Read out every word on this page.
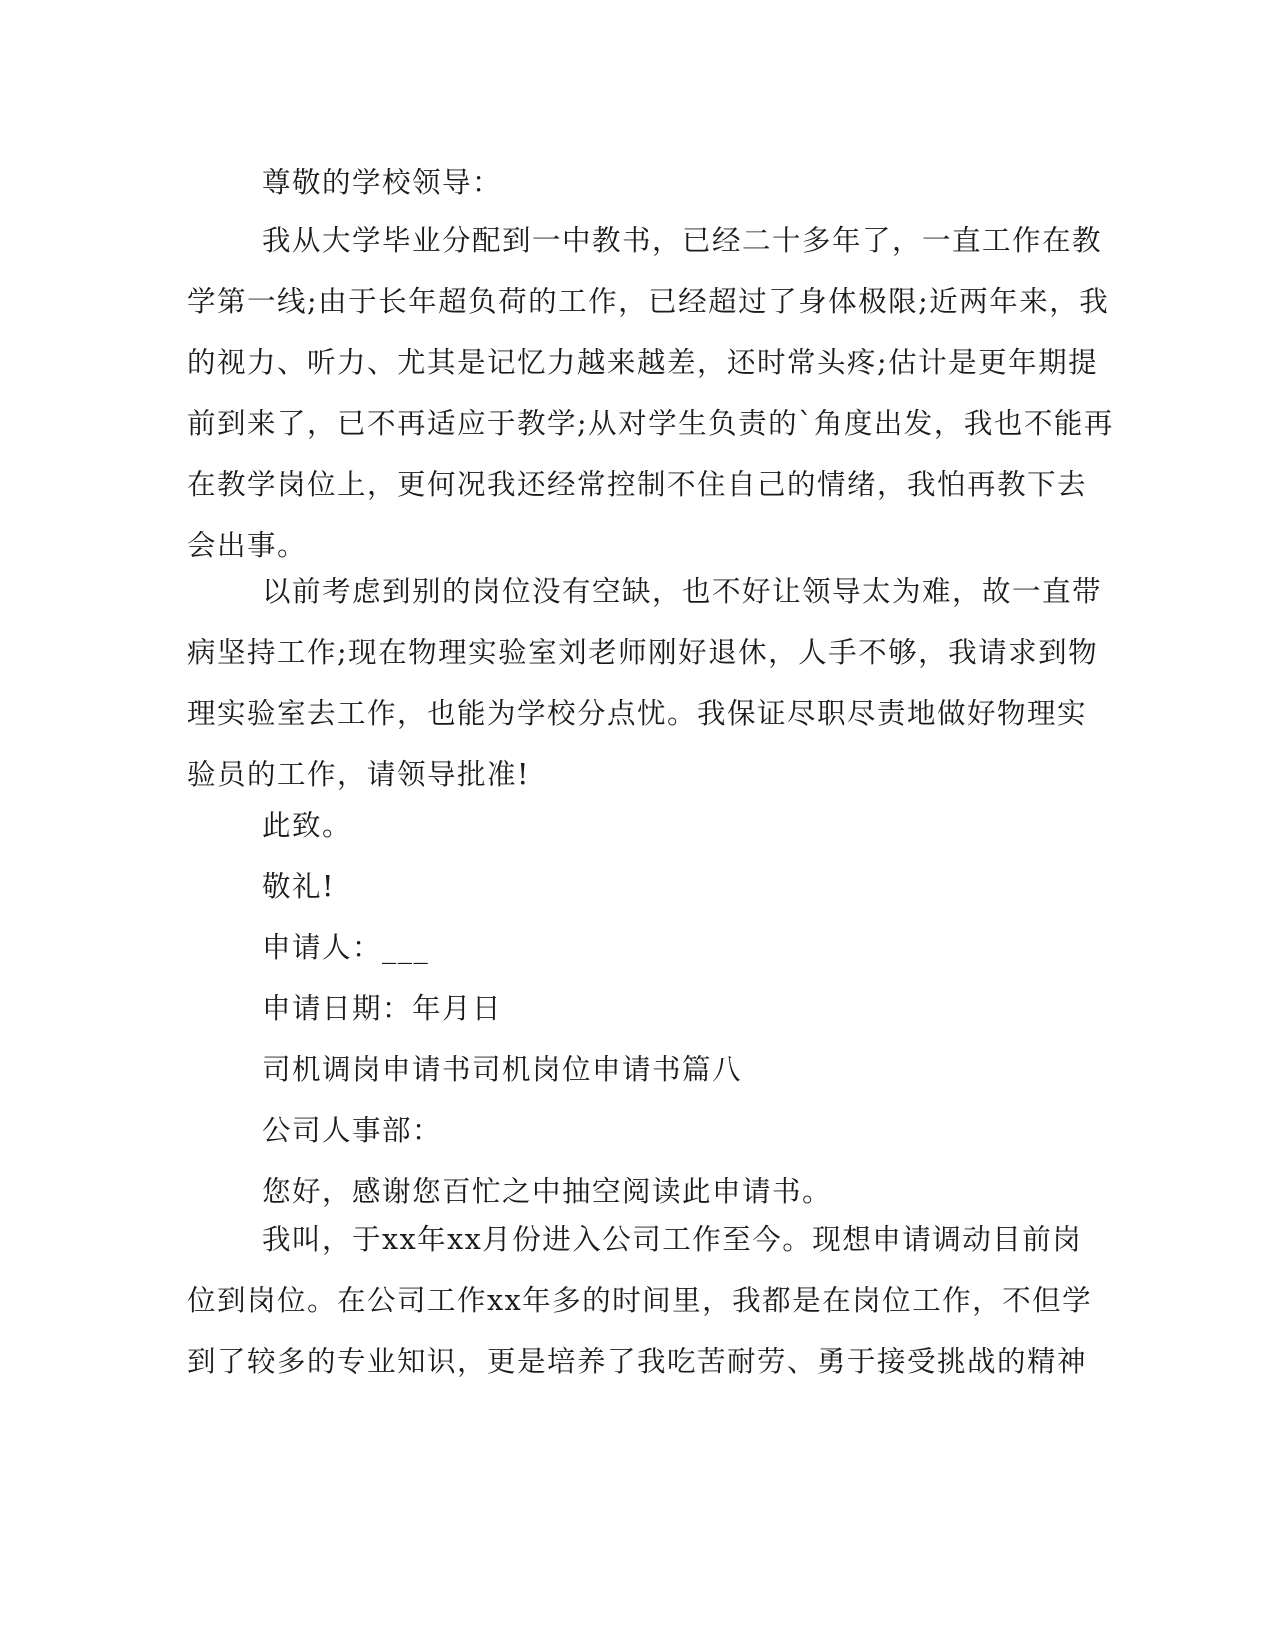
尊敬的学校领导：

我从大学毕业分配到一中教书，已经二十多年了，一直工作在教
学第一线;由于长年超负荷的工作，已经超过了身体极限;近两年来，我
的视力、听力、尤其是记忆力越来越差，还时常头疼;估计是更年期提
前到来了，已不再适应于教学;从对学生负责的`角度出发，我也不能再
在教学岗位上，更何况我还经常控制不住自己的情绪，我怕再教下去
会出事。

以前考虑到别的岗位没有空缺，也不好让领导太为难，故一直带
病坚持工作;现在物理实验室刘老师刚好退休，人手不够，我请求到物
理实验室去工作，也能为学校分点忧。我保证尽职尽责地做好物理实
验员的工作，请领导批准!

此致。
敬礼!
申请人：___
申请日期：年月日
司机调岗申请书司机岗位申请书篇八
公司人事部：
您好，感谢您百忙之中抽空阅读此申请书。

我叫，于xx年xx月份进入公司工作至今。现想申请调动目前岗
位到岗位。在公司工作xx年多的时间里，我都是在岗位工作，不但学
到了较多的专业知识，更是培养了我吃苦耐劳、勇于接受挑战的精神
